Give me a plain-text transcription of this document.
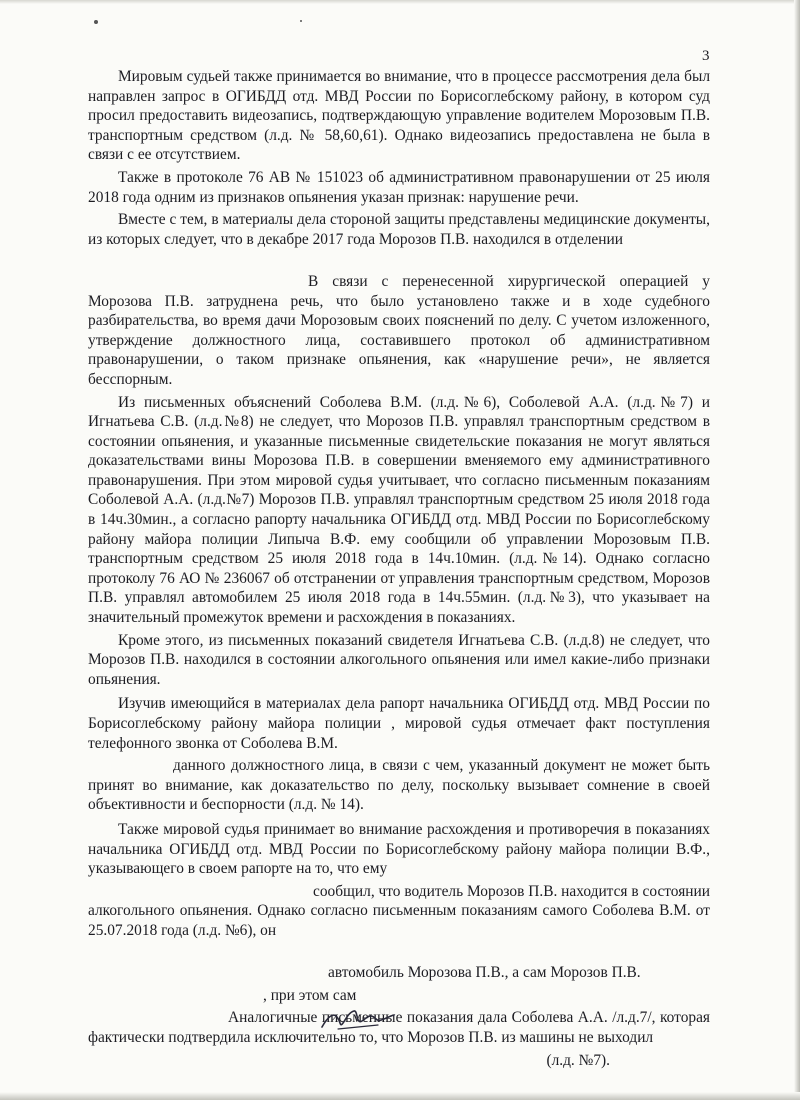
3

Мировым судьей также принимается во внимание, что в процессе рассмотрения дела был направлен запрос в ОГИБДД отд. МВД России по Борисоглебскому району, в котором суд просил предоставить видеозапись, подтверждающую управление водителем Морозовым П.В. транспортным средством (л.д. № 58,60,61). Однако видеозапись предоставлена не была в связи с ее отсутствием.

Также в протоколе 76 АВ № 151023 об административном правонарушении от 25 июля 2018 года одним из признаков опьянения указан признак: нарушение речи.

Вместе с тем, в материалы дела стороной защиты представлены медицинские документы, из которых следует, что в декабре 2017 года Морозов П.В. находился в отделении

В связи с перенесенной хирургической операцией у Морозова П.В. затруднена речь, что было установлено также и в ходе судебного разбирательства, во время дачи Морозовым своих пояснений по делу. С учетом изложенного, утверждение должностного лица, составившего протокол об административном правонарушении, о таком признаке опьянения, как «нарушение речи», не является бесспорным.

Из письменных объяснений Соболева В.М. (л.д.№6), Соболевой А.А. (л.д.№7) и Игнатьева С.В. (л.д.№8) не следует, что Морозов П.В. управлял транспортным средством в состоянии опьянения, и указанные письменные свидетельские показания не могут являться доказательствами вины Морозова П.В. в совершении вменяемого ему административного правонарушения. При этом мировой судья учитывает, что согласно письменным показаниям Соболевой А.А. (л.д.№7) Морозов П.В. управлял транспортным средством 25 июля 2018 года в 14ч.30мин., а согласно рапорту начальника ОГИБДД отд. МВД России по Борисоглебскому району майора полиции Липыча В.Ф. ему сообщили об управлении Морозовым П.В. транспортным средством 25 июля 2018 года в 14ч.10мин. (л.д.№14). Однако согласно протоколу 76 АО № 236067 об отстранении от управления транспортным средством, Морозов П.В. управлял автомобилем 25 июля 2018 года в 14ч.55мин. (л.д.№3), что указывает на значительный промежуток времени и расхождения в показаниях.

Кроме этого, из письменных показаний свидетеля Игнатьева С.В. (л.д.8) не следует, что Морозов П.В. находился в состоянии алкогольного опьянения или имел какие-либо признаки опьянения.

Изучив имеющийся в материалах дела рапорт начальника ОГИБДД отд. МВД России по Борисоглебскому району майора полиции , мировой судья отмечает факт поступления телефонного звонка от Соболева В.М.

данного должностного лица, в связи с чем, указанный документ не может быть принят во внимание, как доказательство по делу, поскольку вызывает сомнение в своей объективности и беспорности (л.д. № 14).

Также мировой судья принимает во внимание расхождения и противоречия в показаниях начальника ОГИБДД отд. МВД России по Борисоглебскому району майора полиции В.Ф., указывающего в своем рапорте на то, что ему

сообщил, что водитель Морозов П.В. находится в состоянии алкогольного опьянения. Однако согласно письменным показаниям самого Соболева В.М. от 25.07.2018 года (л.д. №6), он

автомобиль Морозова П.В., а сам Морозов П.В.

, при этом сам

Аналогичные письменные показания дала Соболева А.А. /л.д.7/, которая фактически подтвердила исключительно то, что Морозов П.В. из машины не выходил

(л.д. №7).
